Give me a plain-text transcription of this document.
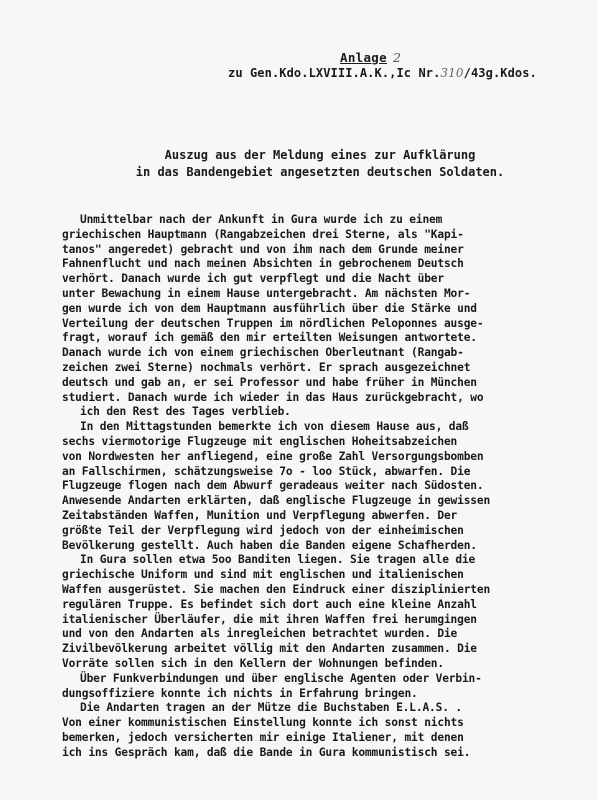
Anlage 2
zu Gen.Kdo.LXVIII.A.K.,Ic Nr.310/43g.Kdos.
Auszug aus der Meldung eines zur Aufklärung
in das Bandengebiet angesetzten deutschen Soldaten.
Unmittelbar nach der Ankunft in Gura wurde ich zu einem
griechischen Hauptmann (Rangabzeichen drei Sterne, als "Kapi-
tanos" angeredet) gebracht und von ihm nach dem Grunde meiner
Fahnenflucht und nach meinen Absichten in gebrochenem Deutsch
verhört. Danach wurde ich gut verpflegt und die Nacht über
unter Bewachung in einem Hause untergebracht. Am nächsten Mor-
gen wurde ich von dem Hauptmann ausführlich über die Stärke und
Verteilung der deutschen Truppen im nördlichen Peloponnes ausge-
fragt, worauf ich gemäß den mir erteilten Weisungen antwortete.
Danach wurde ich von einem griechischen Oberleutnant (Rangab-
zeichen zwei Sterne) nochmals verhört. Er sprach ausgezeichnet
deutsch und gab an, er sei Professor und habe früher in München
studiert. Danach wurde ich wieder in das Haus zurückgebracht, wo
ich den Rest des Tages verblieb.
In den Mittagstunden bemerkte ich von diesem Hause aus, daß
sechs viermotorige Flugzeuge mit englischen Hoheitsabzeichen
von Nordwesten her anfliegend, eine große Zahl Versorgungsbomben
an Fallschirmen, schätzungsweise 7o - loo Stück, abwarfen. Die
Flugzeuge flogen nach dem Abwurf geradeaus weiter nach Südosten.
Anwesende Andarten erklärten, daß englische Flugzeuge in gewissen
Zeitabständen Waffen, Munition und Verpflegung abwerfen. Der
größte Teil der Verpflegung wird jedoch von der einheimischen
Bevölkerung gestellt. Auch haben die Banden eigene Schafherden.
In Gura sollen etwa 5oo Banditen liegen. Sie tragen alle die
griechische Uniform und sind mit englischen und italienischen
Waffen ausgerüstet. Sie machen den Eindruck einer disziplinierten
regulären Truppe. Es befindet sich dort auch eine kleine Anzahl
italienischer Überläufer, die mit ihren Waffen frei herumgingen
und von den Andarten als inregleichen betrachtet wurden. Die
Zivilbevölkerung arbeitet völlig mit den Andarten zusammen. Die
Vorräte sollen sich in den Kellern der Wohnungen befinden.
Über Funkverbindungen und über englische Agenten oder Verbin-
dungsoffiziere konnte ich nichts in Erfahrung bringen.
Die Andarten tragen an der Mütze die Buchstaben E.L.A.S. .
Von einer kommunistischen Einstellung konnte ich sonst nichts
bemerken, jedoch versicherten mir einige Italiener, mit denen
ich ins Gespräch kam, daß die Bande in Gura kommunistisch sei.
